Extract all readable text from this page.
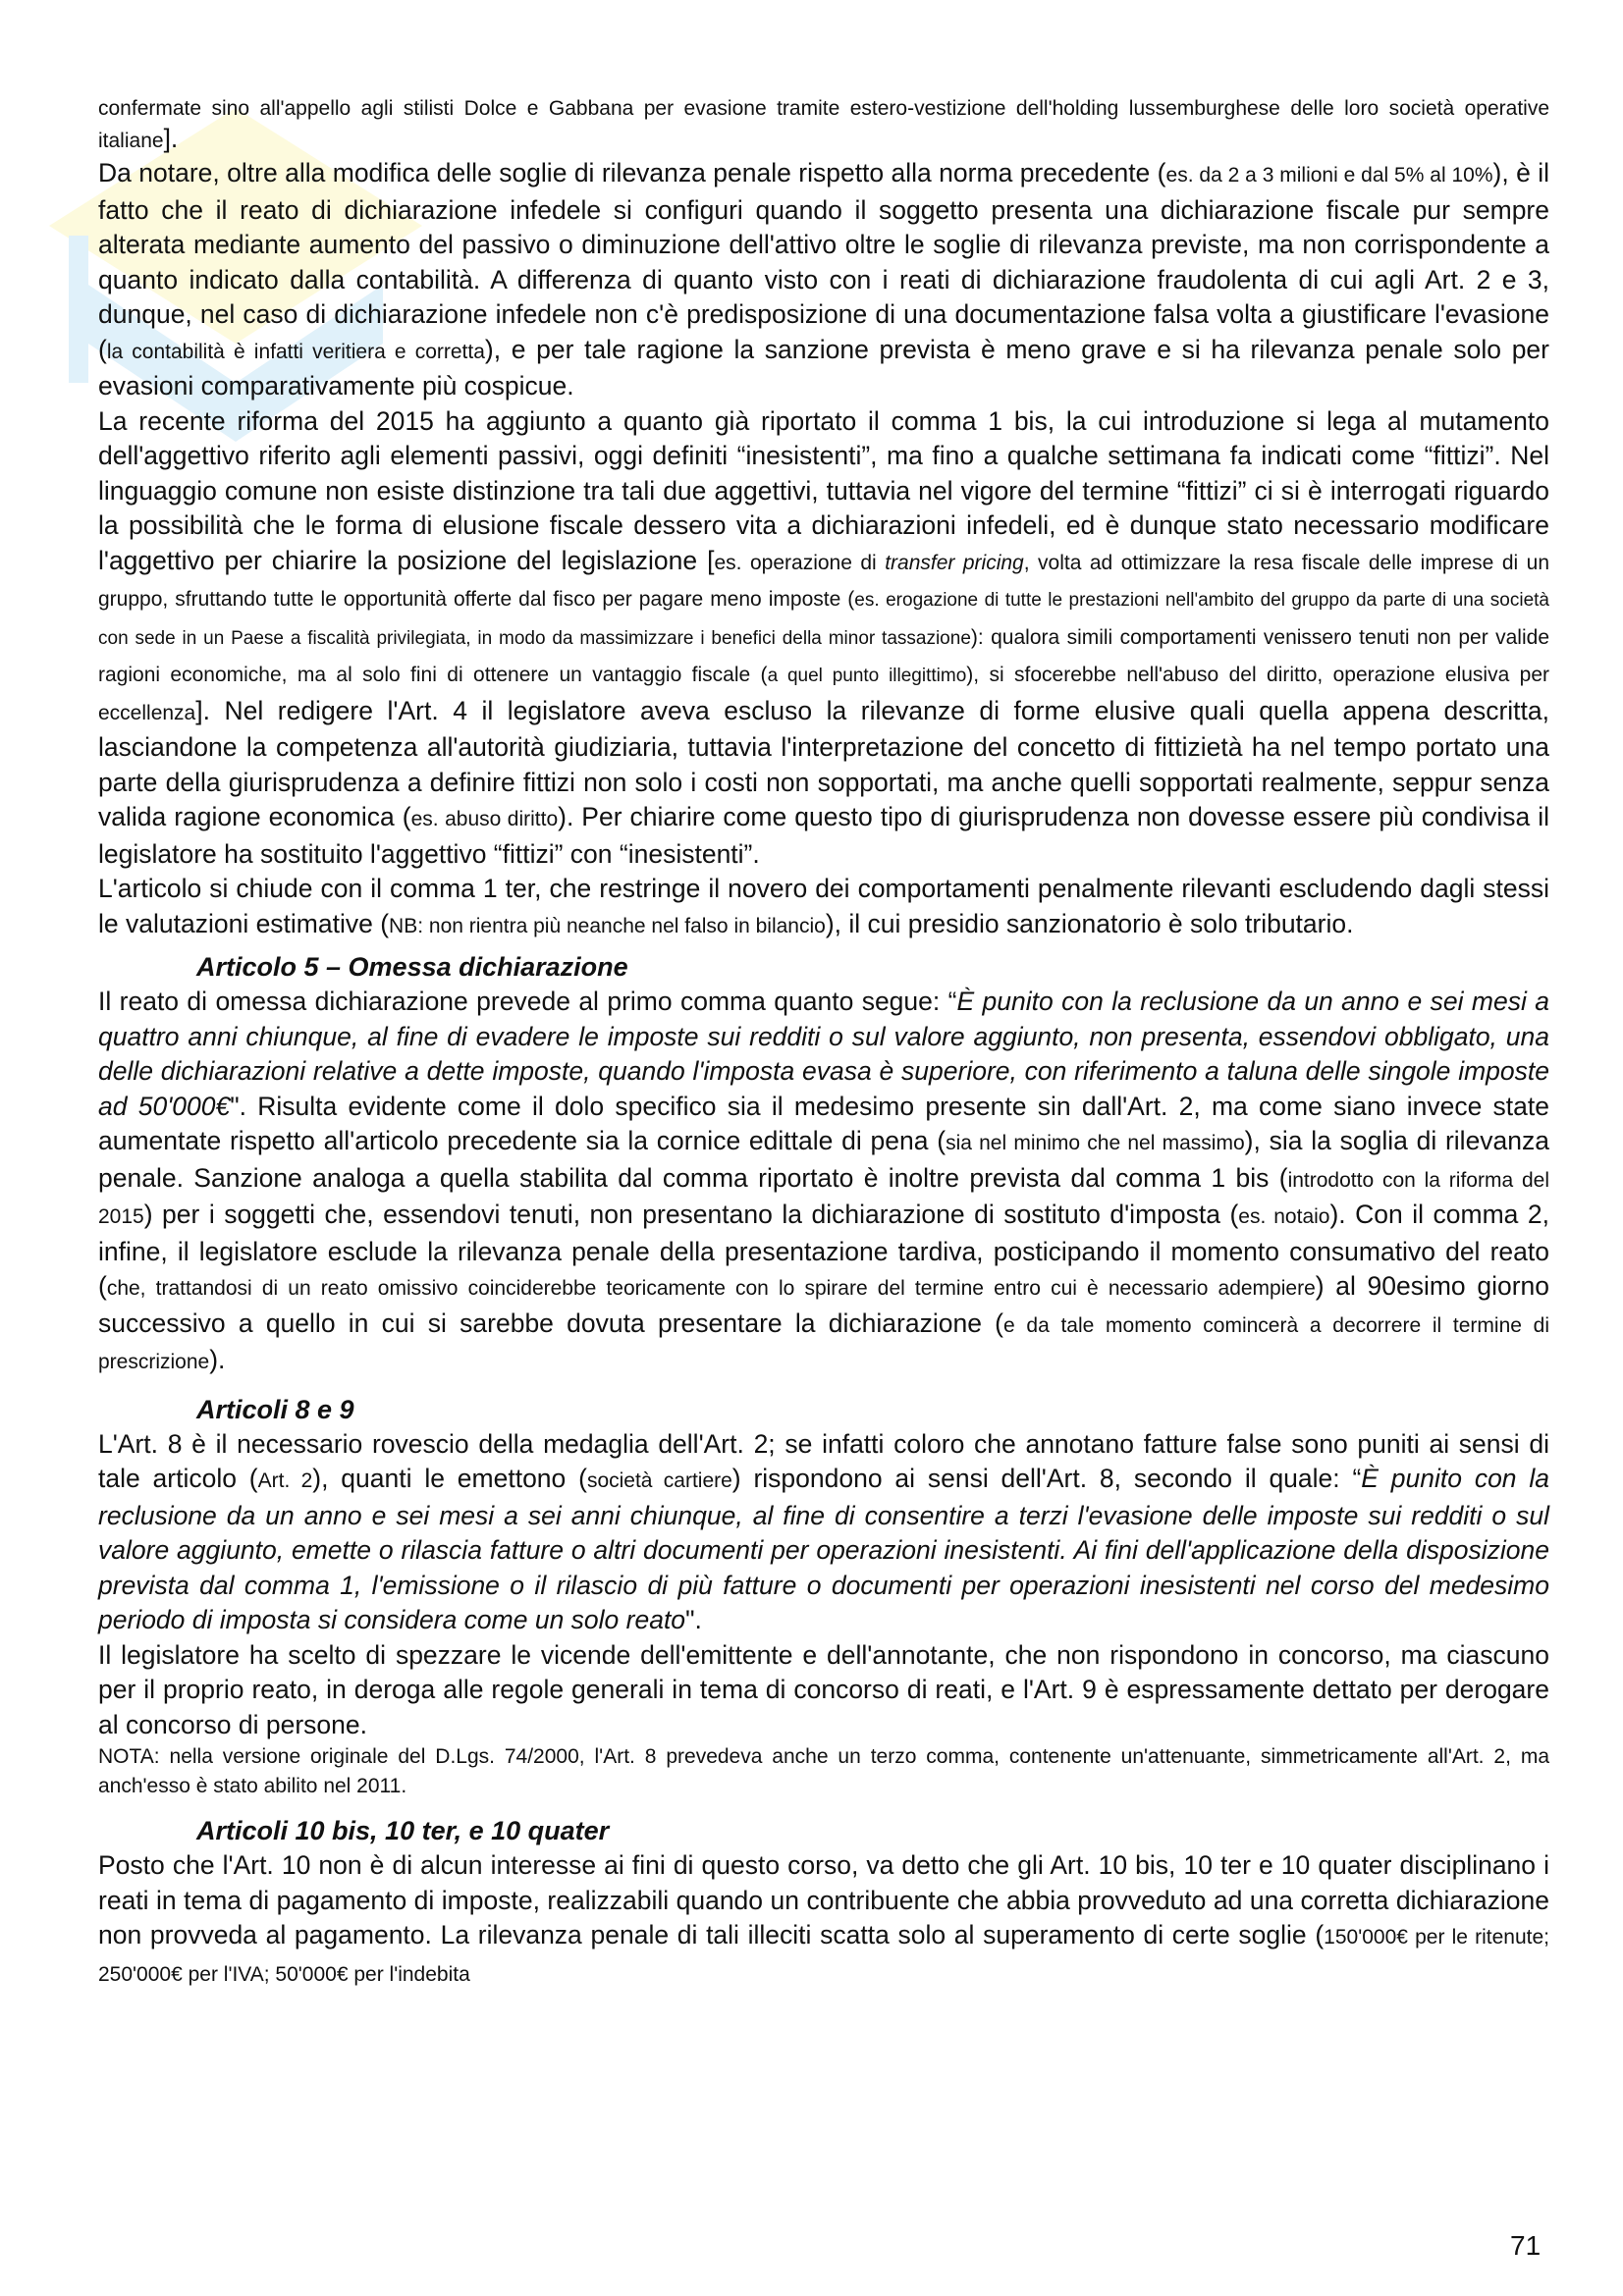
confermate sino all'appello agli stilisti Dolce e Gabbana per evasione tramite estero-vestizione dell'holding lussemburghese delle loro società operative italiane].

Da notare, oltre alla modifica delle soglie di rilevanza penale rispetto alla norma precedente (es. da 2 a 3 milioni e dal 5% al 10%), è il fatto che il reato di dichiarazione infedele si configuri quando il soggetto presenta una dichiarazione fiscale pur sempre alterata mediante aumento del passivo o diminuzione dell'attivo oltre le soglie di rilevanza previste, ma non corrispondente a quanto indicato dalla contabilità. A differenza di quanto visto con i reati di dichiarazione fraudolenta di cui agli Art. 2 e 3, dunque, nel caso di dichiarazione infedele non c'è predisposizione di una documentazione falsa volta a giustificare l'evasione (la contabilità è infatti veritiera e corretta), e per tale ragione la sanzione prevista è meno grave e si ha rilevanza penale solo per evasioni comparativamente più cospicue.

La recente riforma del 2015 ha aggiunto a quanto già riportato il comma 1 bis, la cui introduzione si lega al mutamento dell'aggettivo riferito agli elementi passivi, oggi definiti “inesistenti”, ma fino a qualche settimana fa indicati come “fittizi”. Nel linguaggio comune non esiste distinzione tra tali due aggettivi, tuttavia nel vigore del termine “fittizi” ci si è interrogati riguardo la possibilità che le forma di elusione fiscale dessero vita a dichiarazioni infedeli, ed è dunque stato necessario modificare l'aggettivo per chiarire la posizione del legislazione [es. operazione di transfer pricing, volta ad ottimizzare la resa fiscale delle imprese di un gruppo, sfruttando tutte le opportunità offerte dal fisco per pagare meno imposte (es. erogazione di tutte le prestazioni nell'ambito del gruppo da parte di una società con sede in un Paese a fiscalità privilegiata, in modo da massimizzare i benefici della minor tassazione): qualora simili comportamenti venissero tenuti non per valide ragioni economiche, ma al solo fini di ottenere un vantaggio fiscale (a quel punto illegittimo), si sfocerebbe nell'abuso del diritto, operazione elusiva per eccellenza]. Nel redigere l'Art. 4 il legislatore aveva escluso la rilevanze di forme elusive quali quella appena descritta, lasciandone la competenza all'autorità giudiziaria, tuttavia l'interpretazione del concetto di fittizietà ha nel tempo portato una parte della giurisprudenza a definire fittizi non solo i costi non sopportati, ma anche quelli sopportati realmente, seppur senza valida ragione economica (es. abuso diritto). Per chiarire come questo tipo di giurisprudenza non dovesse essere più condivisa il legislatore ha sostituito l'aggettivo “fittizi” con “inesistenti”.

L'articolo si chiude con il comma 1 ter, che restringe il novero dei comportamenti penalmente rilevanti escludendo dagli stessi le valutazioni estimative (NB: non rientra più neanche nel falso in bilancio), il cui presidio sanzionatorio è solo tributario.

Articolo 5 – Omessa dichiarazione

Il reato di omessa dichiarazione prevede al primo comma quanto segue: “È punito con la reclusione da un anno e sei mesi a quattro anni chiunque, al fine di evadere le imposte sui redditi o sul valore aggiunto, non presenta, essendovi obbligato, una delle dichiarazioni relative a dette imposte, quando l'imposta evasa è superiore, con riferimento a taluna delle singole imposte ad 50'000€". Risulta evidente come il dolo specifico sia il medesimo presente sin dall'Art. 2, ma come siano invece state aumentate rispetto all'articolo precedente sia la cornice edittale di pena (sia nel minimo che nel massimo), sia la soglia di rilevanza penale. Sanzione analoga a quella stabilita dal comma riportato è inoltre prevista dal comma 1 bis (introdotto con la riforma del 2015) per i soggetti che, essendovi tenuti, non presentano la dichiarazione di sostituto d'imposta (es. notaio). Con il comma 2, infine, il legislatore esclude la rilevanza penale della presentazione tardiva, posticipando il momento consumativo del reato (che, trattandosi di un reato omissivo coinciderebbe teoricamente con lo spirare del termine entro cui è necessario adempiere) al 90esimo giorno successivo a quello in cui si sarebbe dovuta presentare la dichiarazione (e da tale momento comincerà a decorrere il termine di prescrizione).

Articoli 8 e 9

L'Art. 8 è il necessario rovescio della medaglia dell'Art. 2; se infatti coloro che annotano fatture false sono puniti ai sensi di tale articolo (Art. 2), quanti le emettono (società cartiere) rispondono ai sensi dell'Art. 8, secondo il quale: “È punito con la reclusione da un anno e sei mesi a sei anni chiunque, al fine di consentire a terzi l'evasione delle imposte sui redditi o sul valore aggiunto, emette o rilascia fatture o altri documenti per operazioni inesistenti. Ai fini dell'applicazione della disposizione prevista dal comma 1, l'emissione o il rilascio di più fatture o documenti per operazioni inesistenti nel corso del medesimo periodo di imposta si considera come un solo reato".

Il legislatore ha scelto di spezzare le vicende dell'emittente e dell'annotante, che non rispondono in concorso, ma ciascuno per il proprio reato, in deroga alle regole generali in tema di concorso di reati, e l'Art. 9 è espressamente dettato per derogare al concorso di persone.

NOTA: nella versione originale del D.Lgs. 74/2000, l'Art. 8 prevedeva anche un terzo comma, contenente un'attenuante, simmetricamente all'Art. 2, ma anch'esso è stato abilito nel 2011.

Articoli 10 bis, 10 ter, e 10 quater

Posto che l'Art. 10 non è di alcun interesse ai fini di questo corso, va detto che gli Art. 10 bis, 10 ter e 10 quater disciplinano i reati in tema di pagamento di imposte, realizzabili quando un contribuente che abbia provveduto ad una corretta dichiarazione non provveda al pagamento. La rilevanza penale di tali illeciti scatta solo al superamento di certe soglie (150'000€ per le ritenute; 250'000€ per l'IVA; 50'000€ per l'indebita

71
